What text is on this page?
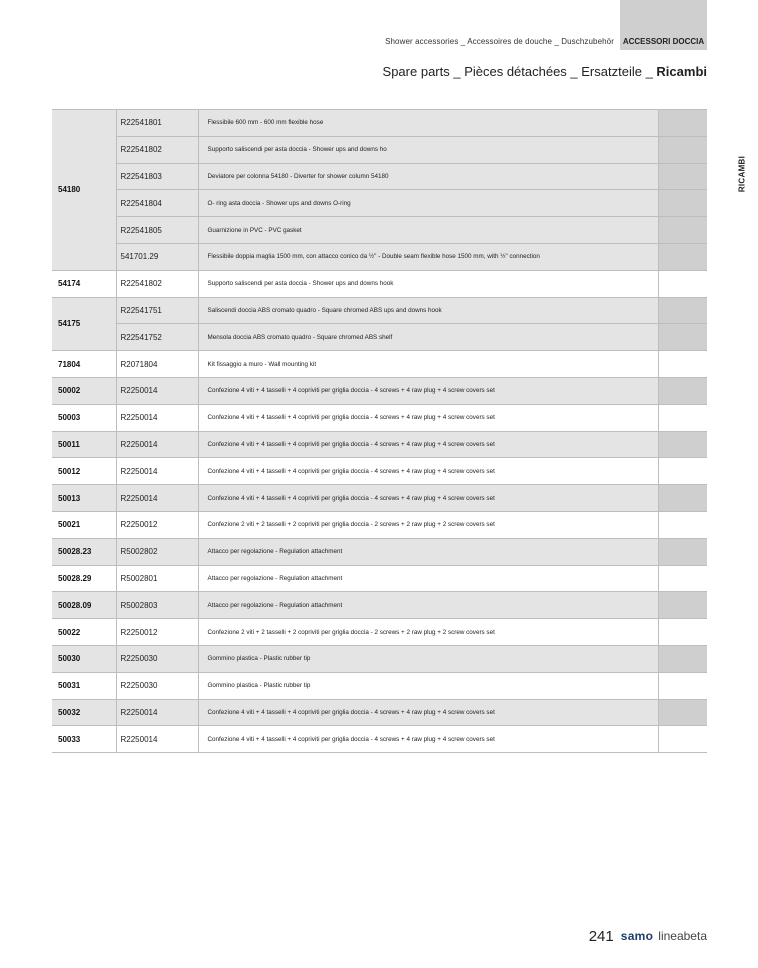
Shower accessories _ Accessoires de douche _ Duschzubehör	ACCESSORI DOCCIA
Spare parts _ Pièces détachées _ Ersatzteile _ Ricambi
RICAMBI
54180	R22541801	Flessibile 600 mm - 600 mm flexible hose	
	R22541802	Supporto saliscendi per asta doccia - Shower ups and downs ho	
	R22541803	Deviatore per colonna 54180 - Diverter for shower column 54180	
	R22541804	O- ring asta doccia - Shower ups and downs O-ring	
	R22541805	Guarnizione in PVC - PVC gasket	
	541701.29	Flessibile doppia maglia 1500 mm, con attacco conico da ½" - Double seam flexible hose 1500 mm, with ½" connection	
54174	R22541802	Supporto saliscendi per asta doccia - Shower ups and downs hook	
54175	R22541751	Saliscendi doccia ABS cromato quadro - Square chromed ABS ups and downs hook	
	R22541752	Mensola doccia ABS cromato quadro - Square chromed ABS shelf	
71804	R2071804	Kit fissaggio a muro - Wall mounting kit	
50002	R2250014	Confezione 4 viti + 4 tasselli + 4 copriviti per griglia doccia - 4 screws + 4 raw plug + 4 screw covers set	
50003	R2250014	Confezione 4 viti + 4 tasselli + 4 copriviti per griglia doccia - 4 screws + 4 raw plug + 4 screw covers set	
50011	R2250014	Confezione 4 viti + 4 tasselli + 4 copriviti per griglia doccia - 4 screws + 4 raw plug + 4 screw covers set	
50012	R2250014	Confezione 4 viti + 4 tasselli + 4 copriviti per griglia doccia - 4 screws + 4 raw plug + 4 screw covers set	
50013	R2250014	Confezione 4 viti + 4 tasselli + 4 copriviti per griglia doccia - 4 screws + 4 raw plug + 4 screw covers set	
50021	R2250012	Confezione 2 viti + 2 tasselli + 2 copriviti per griglia doccia - 2 screws + 2 raw plug + 2 screw covers set	
50028.23	R5002802	Attacco per regolazione - Regulation attachment	
50028.29	R5002801	Attacco per regolazione - Regulation attachment	
50028.09	R5002803	Attacco per regolazione - Regulation attachment	
50022	R2250012	Confezione 2 viti + 2 tasselli + 2 copriviti per griglia doccia - 2 screws + 2 raw plug + 2 screw covers set	
50030	R2250030	Gommino plastica - Plastic rubber tip	
50031	R2250030	Gommino plastica - Plastic rubber tip	
50032	R2250014	Confezione 4 viti + 4 tasselli + 4 copriviti per griglia doccia - 4 screws + 4 raw plug + 4 screw covers set	
50033	R2250014	Confezione 4 viti + 4 tasselli + 4 copriviti per griglia doccia - 4 screws + 4 raw plug + 4 screw covers set	
241 samo lineabeta
